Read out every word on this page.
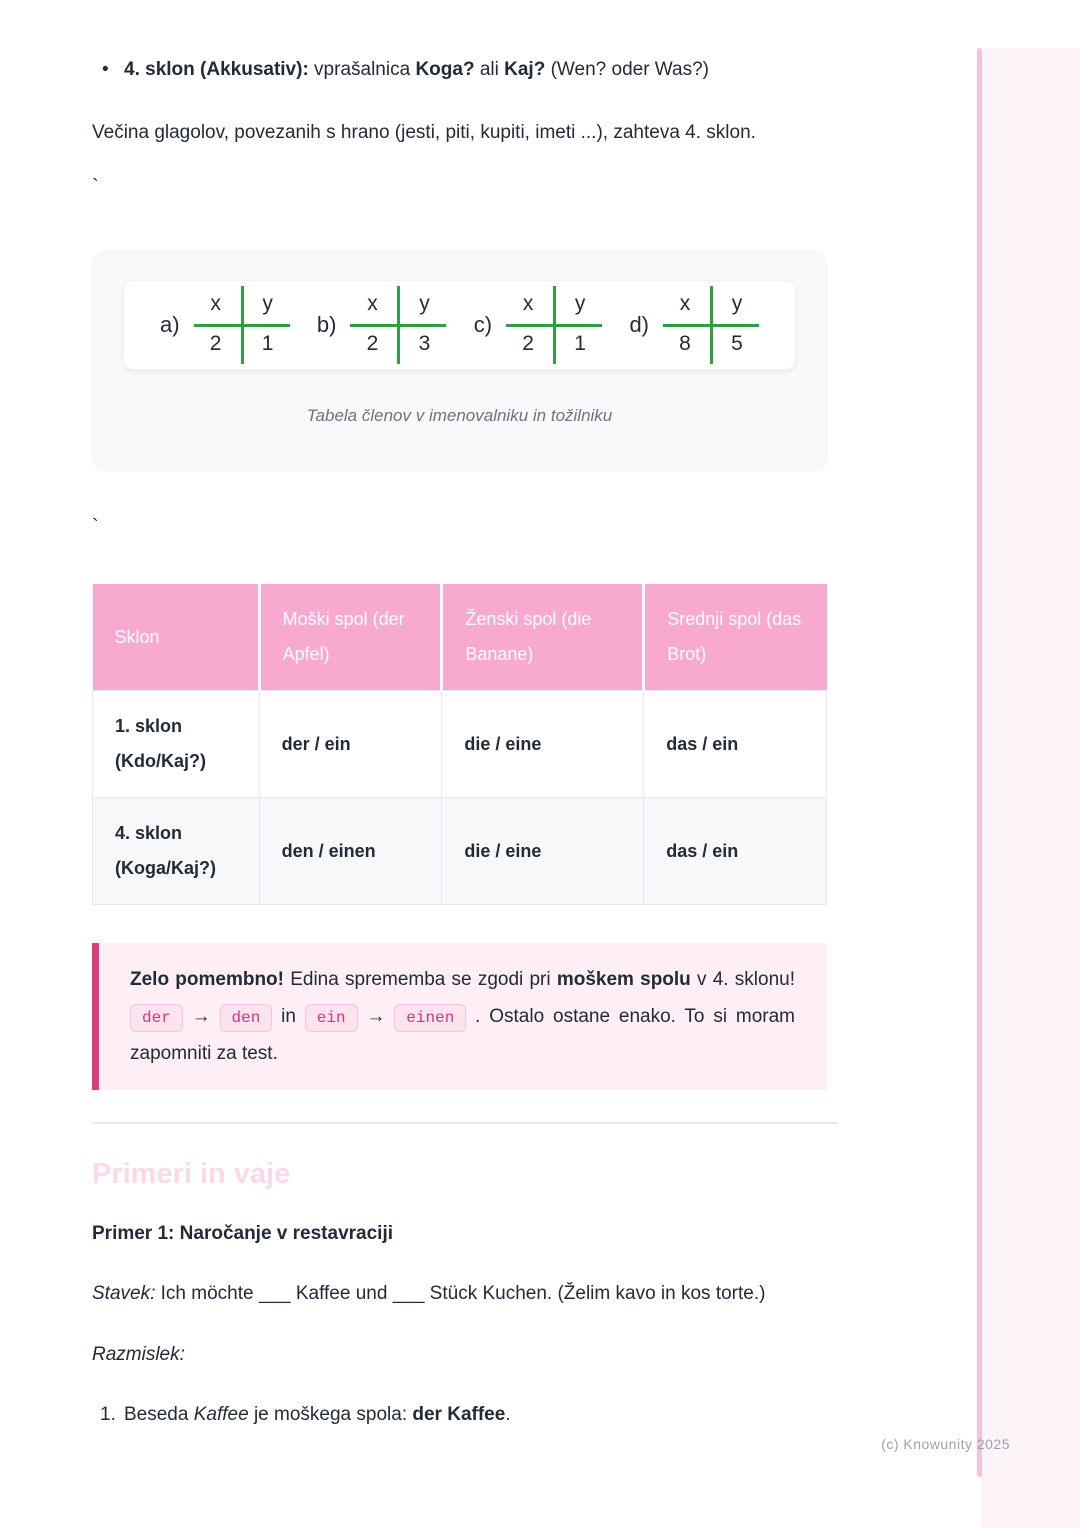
• 4. sklon (Akkusativ): vprašalnica Koga? ali Kaj? (Wen? oder Was?)
Večina glagolov, povezanih s hrano (jesti, piti, kupiti, imeti ...), zahteva 4. sklon.
`
a)
x	y
2	1
b)
x	y
2	3
c)
x	y
2	1
d)
x	y
8	5
Tabela členov v imenovalniku in tožilniku
`
Sklon	Moški spol (der Apfel)	Ženski spol (die Banane)	Srednji spol (das Brot)
1. sklon (Kdo/Kaj?)	der / ein	die / eine	das / ein
4. sklon (Koga/Kaj?)	den / einen	die / eine	das / ein
Zelo pomembno! Edina sprememba se zgodi pri moškem spolu v 4. sklonu! der → den in ein → einen . Ostalo ostane enako. To si moram zapomniti za test.
Primeri in vaje
Primer 1: Naročanje v restavraciji
Stavek: Ich möchte ___ Kaffee und ___ Stück Kuchen. (Želim kavo in kos torte.)
Razmislek:
1. Beseda Kaffee je moškega spola: der Kaffee.
(c) Knowunity 2025
